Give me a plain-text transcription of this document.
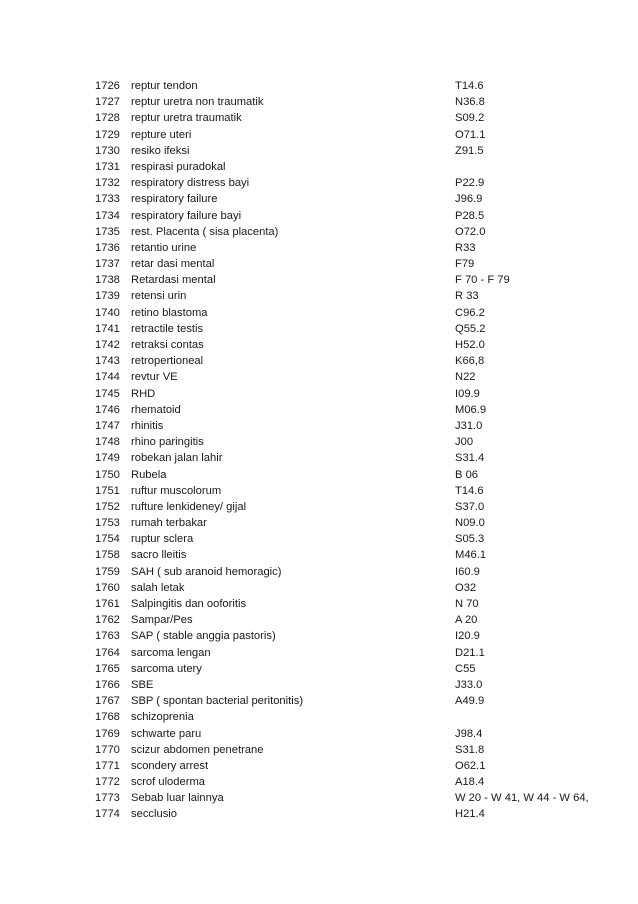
1726 reptur tendon	T14.6
1727 reptur uretra non traumatik	N36.8
1728 reptur uretra traumatik	S09.2
1729 repture uteri	O71.1
1730 resiko ifeksi	Z91.5
1731 respirasi puradokal
1732 respiratory distress bayi	P22.9
1733 respiratory failure	J96.9
1734 respiratory failure bayi	P28.5
1735 rest. Placenta ( sisa placenta)	O72.0
1736 retantio urine	R33
1737 retar dasi mental	F79
1738 Retardasi mental	F 70 - F 79
1739 retensi urin	R 33
1740 retino blastoma	C96.2
1741 retractile testis	Q55.2
1742 retraksi contas	H52.0
1743 retropertioneal	K66,8
1744 revtur VE	N22
1745 RHD	I09.9
1746 rhematoid	M06.9
1747 rhinitis	J31.0
1748 rhino paringitis	J00
1749 robekan jalan lahir	S31.4
1750 Rubela	B 06
1751 ruftur muscolorum	T14.6
1752 rufture lenkideney/ gijal	S37.0
1753 rumah terbakar	N09.0
1754 ruptur sclera	S05.3
1758 sacro lleitis	M46.1
1759 SAH ( sub aranoid hemoragic)	I60.9
1760 salah letak	O32
1761 Salpingitis dan ooforitis	N 70
1762 Sampar/Pes	A 20
1763 SAP ( stable anggia pastoris)	I20.9
1764 sarcoma lengan	D21.1
1765 sarcoma utery	C55
1766 SBE	J33.0
1767 SBP ( spontan bacterial peritonitis)	A49.9
1768 schizoprenia
1769 schwarte paru	J98.4
1770 scizur abdomen penetrane	S31.8
1771 scondery arrest	O62.1
1772 scrof uloderma	A18.4
1773 Sebab luar lainnya	W 20 - W 41, W 44 - W 64,
1774 secclusio	H21.4
